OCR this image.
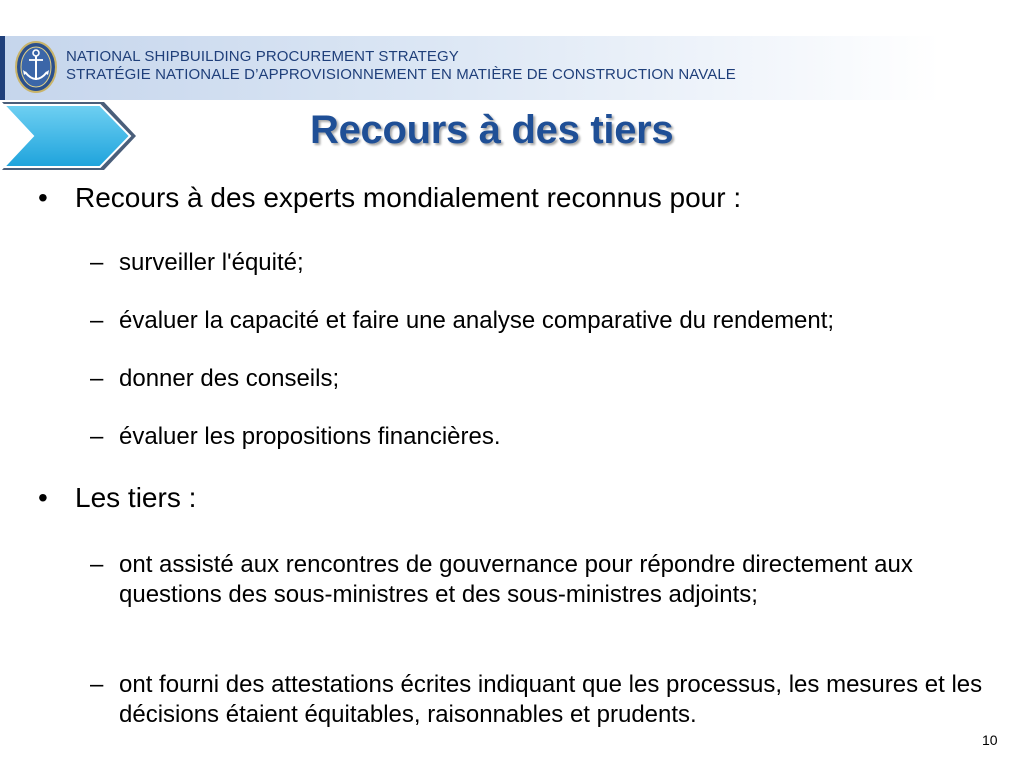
NATIONAL SHIPBUILDING PROCUREMENT STRATEGY
STRATÉGIE NATIONALE D’APPROVISIONNEMENT EN MATIÈRE DE CONSTRUCTION NAVALE
Recours à des tiers
• Recours à des experts mondialement reconnus pour :
– surveiller l'équité;
– évaluer la capacité et faire une analyse comparative du rendement;
– donner des conseils;
– évaluer les propositions financières.
• Les tiers :
– ont assisté aux rencontres de gouvernance pour répondre directement aux questions des sous-ministres et des sous-ministres adjoints;
– ont fourni des attestations écrites indiquant que les processus, les mesures et les décisions étaient équitables, raisonnables et prudents.
10
